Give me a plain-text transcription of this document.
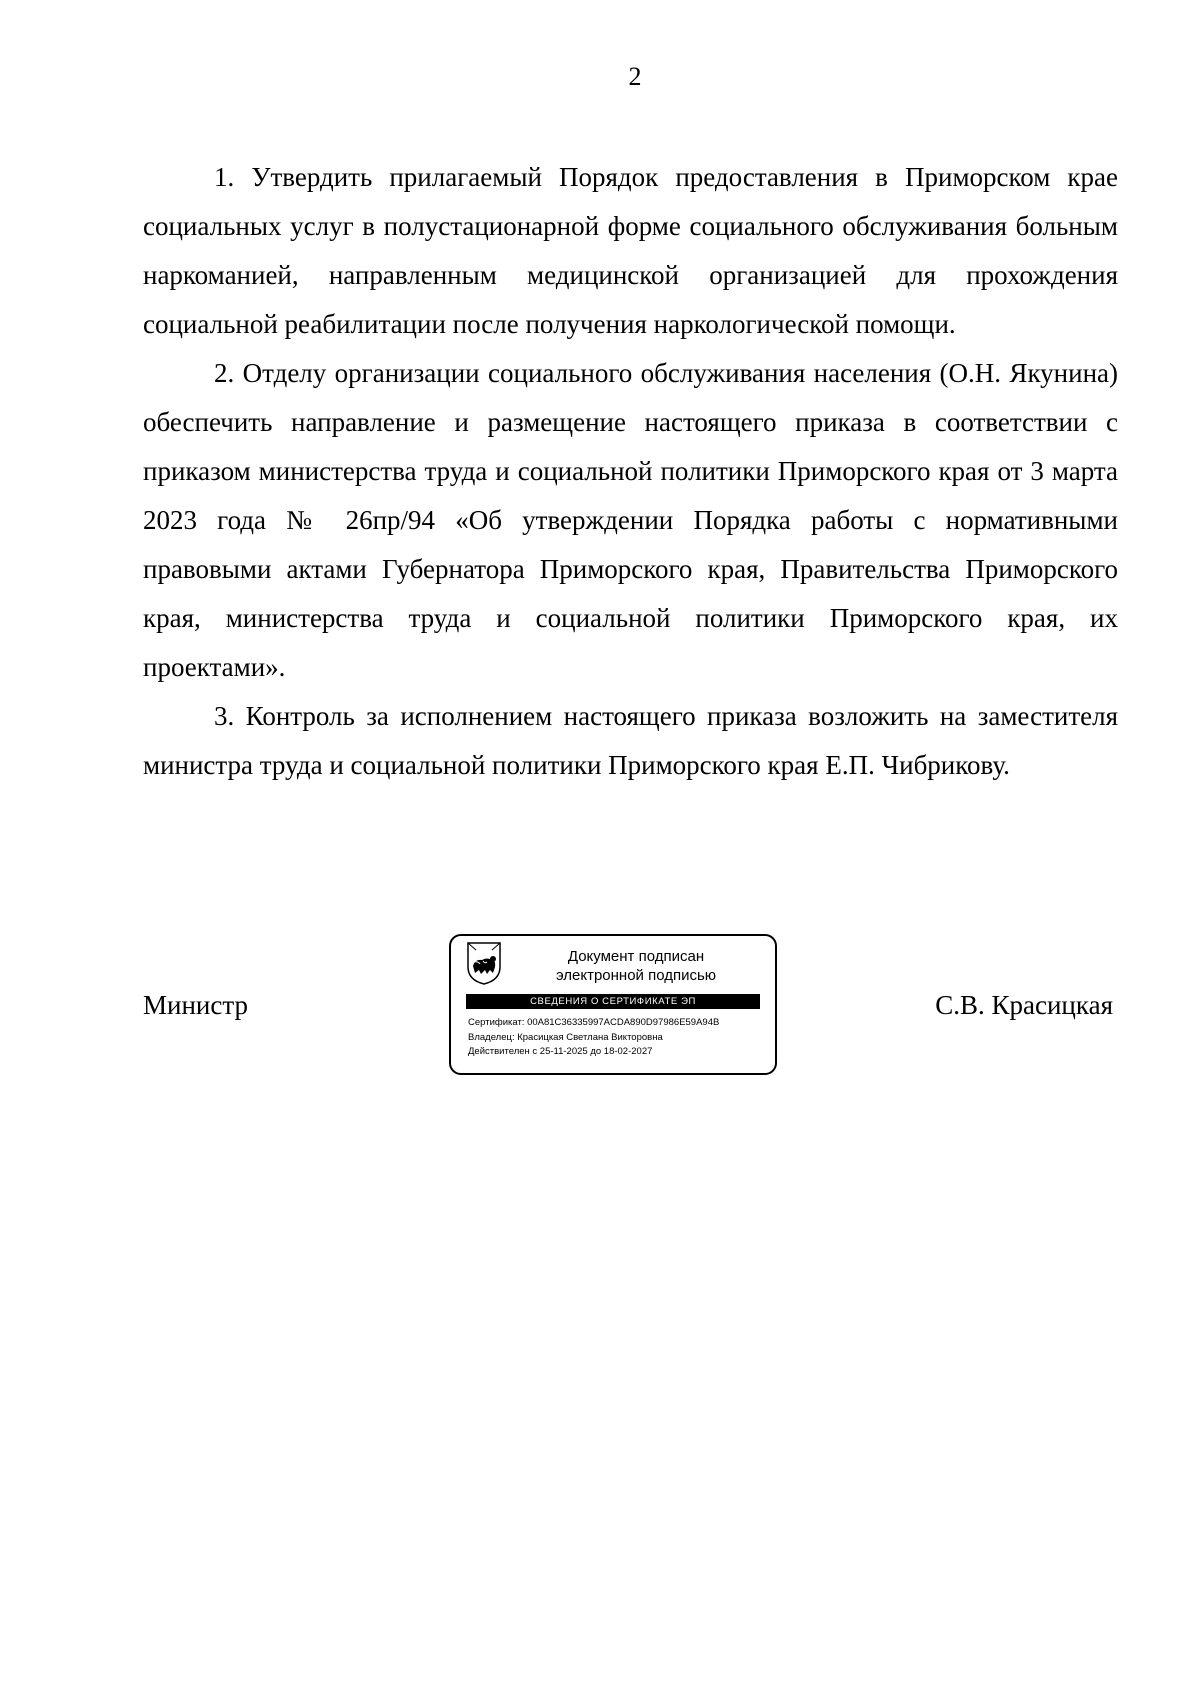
2

1. Утвердить прилагаемый Порядок предоставления в Приморском крае социальных услуг в полустационарной форме социального обслуживания больным наркоманией, направленным медицинской организацией для прохождения социальной реабилитации после получения наркологической помощи.

2. Отделу организации социального обслуживания населения (О.Н. Якунина) обеспечить направление и размещение настоящего приказа в соответствии с приказом министерства труда и социальной политики Приморского края от 3 марта 2023 года № 26пр/94 «Об утверждении Порядка работы с нормативными правовыми актами Губернатора Приморского края, Правительства Приморского края, министерства труда и социальной политики Приморского края, их проектами».

3. Контроль за исполнением настоящего приказа возложить на заместителя министра труда и социальной политики Приморского края Е.П. Чибрикову.

Министр	С.В. Красицкая
Документ подписан
электронной подписью
СВЕДЕНИЯ О СЕРТИФИКАТЕ ЭП
Сертификат: 00A81C36335997ACDA890D97986E59A94B
Владелец: Красицкая Светлана Викторовна
Действителен с 25-11-2025 до 18-02-2027
